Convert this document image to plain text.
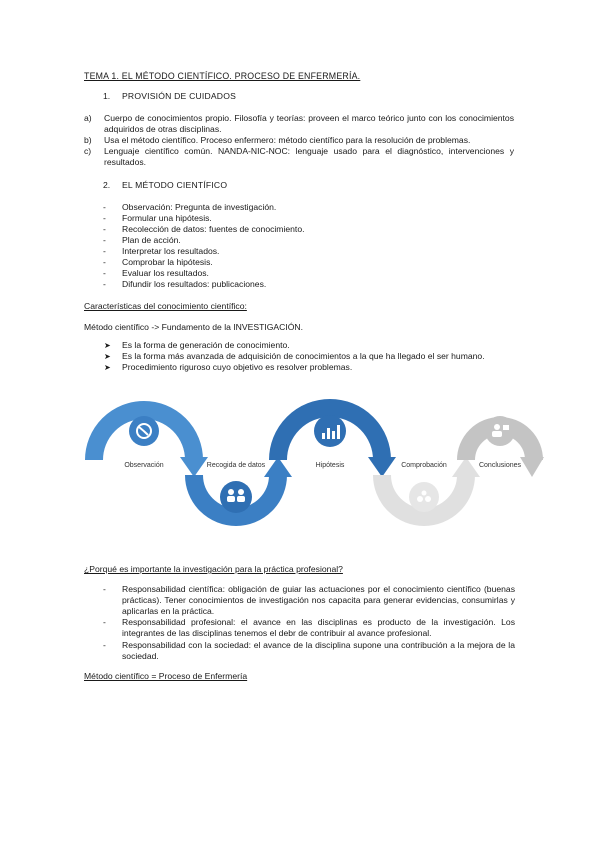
TEMA 1. EL MÉTODO CIENTÍFICO. PROCESO DE ENFERMERÍA.
1.	PROVISIÓN DE CUIDADOS
a) Cuerpo de conocimientos propio. Filosofía y teorías: proveen el marco teórico junto con los conocimientos adquiridos de otras disciplinas.
b) Usa el método científico. Proceso enfermero: método científico para la resolución de problemas.
c) Lenguaje científico común. NANDA-NIC-NOC: lenguaje usado para el diagnóstico, intervenciones y resultados.
2.	EL MÉTODO CIENTÍFICO
- Observación: Pregunta de investigación.
- Formular una hipótesis.
- Recolección de datos: fuentes de conocimiento.
- Plan de acción.
- Interpretar los resultados.
- Comprobar la hipótesis.
- Evaluar los resultados.
- Difundir los resultados: publicaciones.
Características del conocimiento científico:
Método científico -> Fundamento de la INVESTIGACIÓN.
➤ Es la forma de generación de conocimiento.
➤ Es la forma más avanzada de adquisición de conocimientos a la que ha llegado el ser humano.
➤ Procedimiento riguroso cuyo objetivo es resolver problemas.
Observación	Recogida de datos	Hipótesis	Comprobación	Conclusiones
¿Porqué es importante la investigación para la práctica profesional?
- Responsabilidad científica: obligación de guiar las actuaciones por el conocimiento científico (buenas prácticas). Tener conocimientos de investigación nos capacita para generar evidencias, consumirlas y aplicarlas en la práctica.
- Responsabilidad profesional: el avance en las disciplinas es producto de la investigación. Los integrantes de las disciplinas tenemos el debr de contribuir al avance profesional.
- Responsabilidad con la sociedad: el avance de la disciplina supone una contribución a la mejora de la sociedad.
Método científico = Proceso de Enfermería
